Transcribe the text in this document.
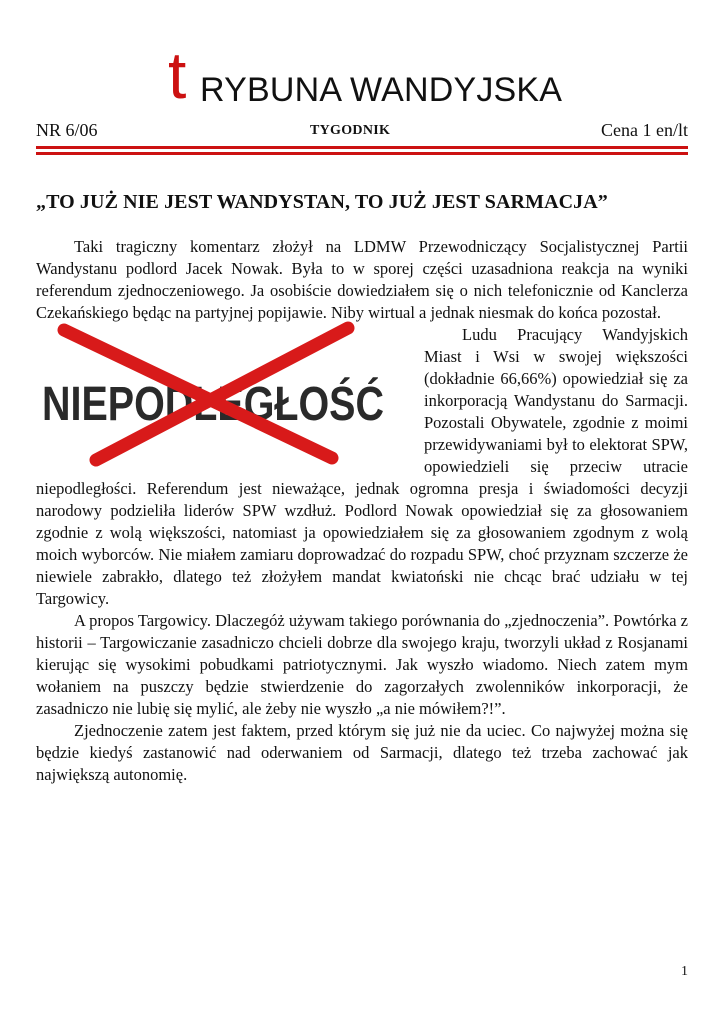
t RYBUNA WANDYJSKA
NR 6/06	TYGODNIK	Cena 1 en/lt
„TO JUŻ NIE JEST WANDYSTAN, TO JUŻ JEST SARMACJA”

Taki tragiczny komentarz złożył na LDMW Przewodniczący Socjalistycznej Partii Wandystanu podlord Jacek Nowak. Była to w sporej części uzasadniona reakcja na wyniki referendum zjednoczeniowego. Ja osobiście dowiedziałem się o nich telefonicznie od Kanclerza Czekańskiego będąc na partyjnej popijawie. Niby wirtual a jednak niesmak do końca pozostał.

NIEPODLEGŁOŚĆ

Ludu Pracujący Wandyjskich Miast i Wsi w swojej większości (dokładnie 66,66%) opowiedział się za inkorporacją Wandystanu do Sarmacji. Pozostali Obywatele, zgodnie z moimi przewidywaniami był to elektorat SPW, opowiedzieli się przeciw utracie niepodległości. Referendum jest nieważące, jednak ogromna presja i świadomości decyzji narodowy podzieliła liderów SPW wzdłuż. Podlord Nowak opowiedział się za głosowaniem zgodnie z wolą większości, natomiast ja opowiedziałem się za głosowaniem zgodnym z wolą moich wyborców. Nie miałem zamiaru doprowadzać do rozpadu SPW, choć przyznam szczerze że niewiele zabrakło, dlatego też złożyłem mandat kwiatoński nie chcąc brać udziału w tej Targowicy.

A propos Targowicy. Dlaczegóż używam takiego porównania do „zjednoczenia”. Powtórka z historii – Targowiczanie zasadniczo chcieli dobrze dla swojego kraju, tworzyli układ z Rosjanami kierując się wysokimi pobudkami patriotycznymi. Jak wyszło wiadomo. Niech zatem mym wołaniem na puszczy będzie stwierdzenie do zagorzałych zwolenników inkorporacji, że zasadniczo nie lubię się mylić, ale żeby nie wyszło „a nie mówiłem?!”.

Zjednoczenie zatem jest faktem, przed którym się już nie da uciec. Co najwyżej można się będzie kiedyś zastanowić nad oderwaniem od Sarmacji, dlatego też trzeba zachować jak największą autonomię.

1
